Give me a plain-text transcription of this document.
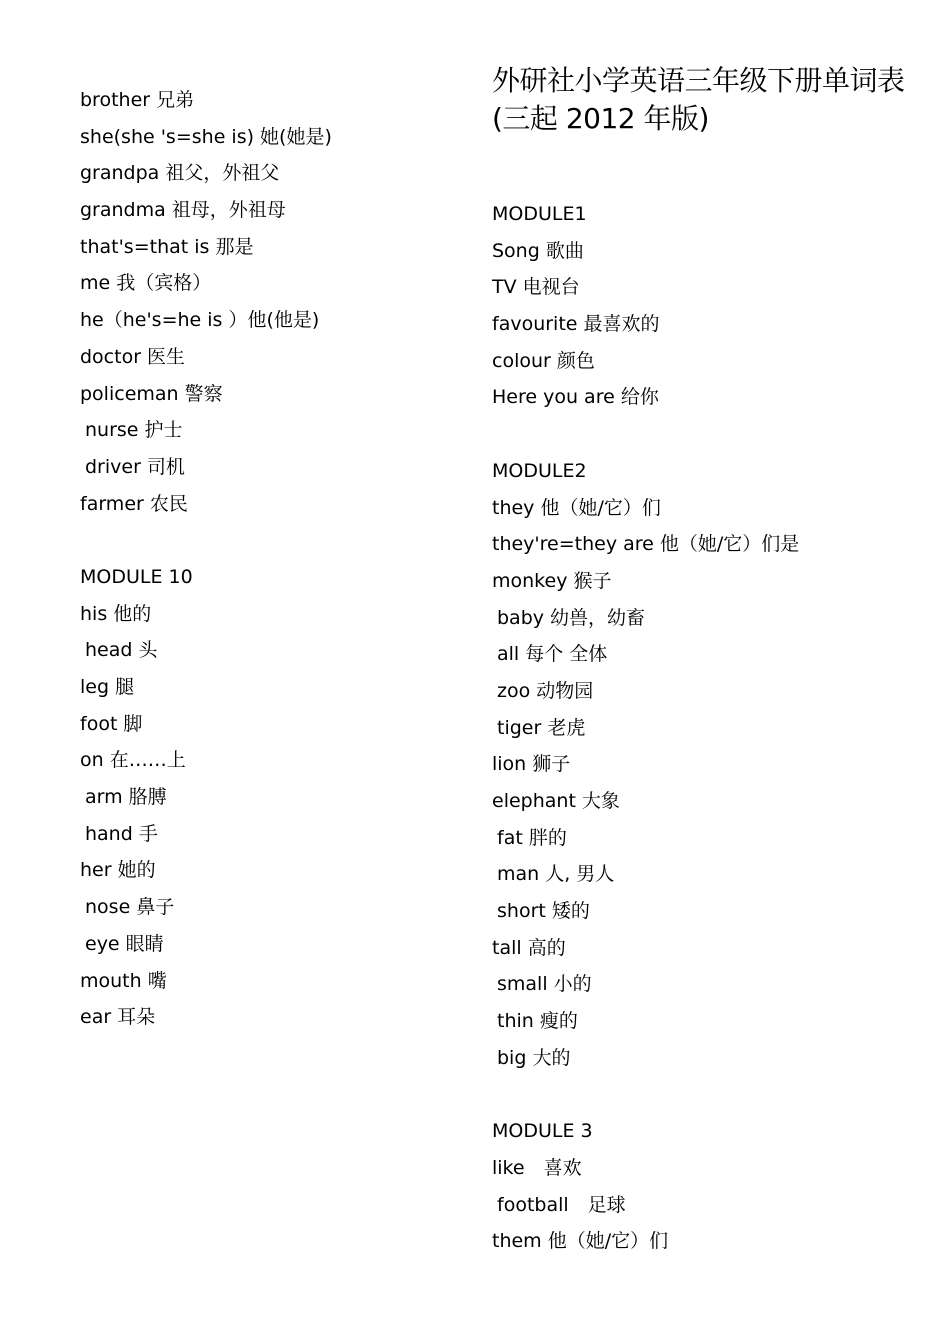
brother 兄弟
she(she 's=she is) 她(她是)
grandpa 祖父，外祖父
grandma 祖母，外祖母
that's=that is 那是
me 我（宾格）
he（he's=he is ）他(他是)
doctor 医生
policeman 警察
nurse 护士
driver 司机
farmer 农民
MODULE 10
his 他的
head 头
leg 腿
foot 脚
on 在……上
arm 胳膊
hand 手
her 她的
nose 鼻子
eye 眼睛
mouth 嘴
ear 耳朵
外研社小学英语三年级下册单词表(三起 2012 年版)
MODULE1
Song 歌曲
TV 电视台
favourite 最喜欢的
colour 颜色
Here you are 给你
MODULE2
they 他（她/它）们
they're=they are 他（她/它）们是
monkey 猴子
baby 幼兽，幼畜
all 每个 全体
zoo 动物园
tiger 老虎
lion 狮子
elephant 大象
fat 胖的
man 人, 男人
short 矮的
tall 高的
small 小的
thin 瘦的
big 大的
MODULE 3
like　喜欢
football　足球
them 他（她/它）们
